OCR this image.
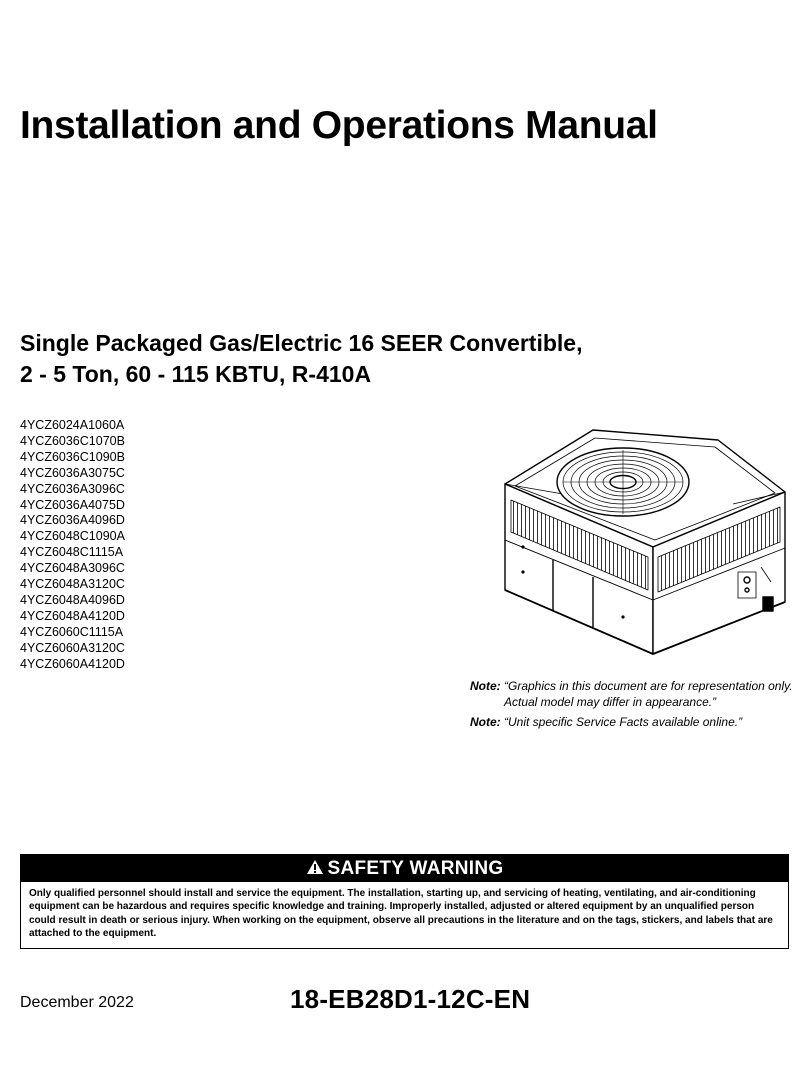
Installation and Operations Manual
Single Packaged Gas/Electric 16 SEER Convertible,
2 - 5 Ton, 60 - 115 KBTU, R-410A
4YCZ6024A1060A
4YCZ6036C1070B
4YCZ6036C1090B
4YCZ6036A3075C
4YCZ6036A3096C
4YCZ6036A4075D
4YCZ6036A4096D
4YCZ6048C1090A
4YCZ6048C1115A
4YCZ6048A3096C
4YCZ6048A3120C
4YCZ6048A4096D
4YCZ6048A4120D
4YCZ6060C1115A
4YCZ6060A3120C
4YCZ6060A4120D
Note: “Graphics in this document are for representation only. Actual model may differ in appearance.”
Note: “Unit specific Service Facts available online.”
SAFETY WARNING
Only qualified personnel should install and service the equipment. The installation, starting up, and servicing of heating, ventilating, and air-conditioning equipment can be hazardous and requires specific knowledge and training. Improperly installed, adjusted or altered equipment by an unqualified person could result in death or serious injury. When working on the equipment, observe all precautions in the literature and on the tags, stickers, and labels that are attached to the equipment.
December 2022	18-EB28D1-12C-EN
